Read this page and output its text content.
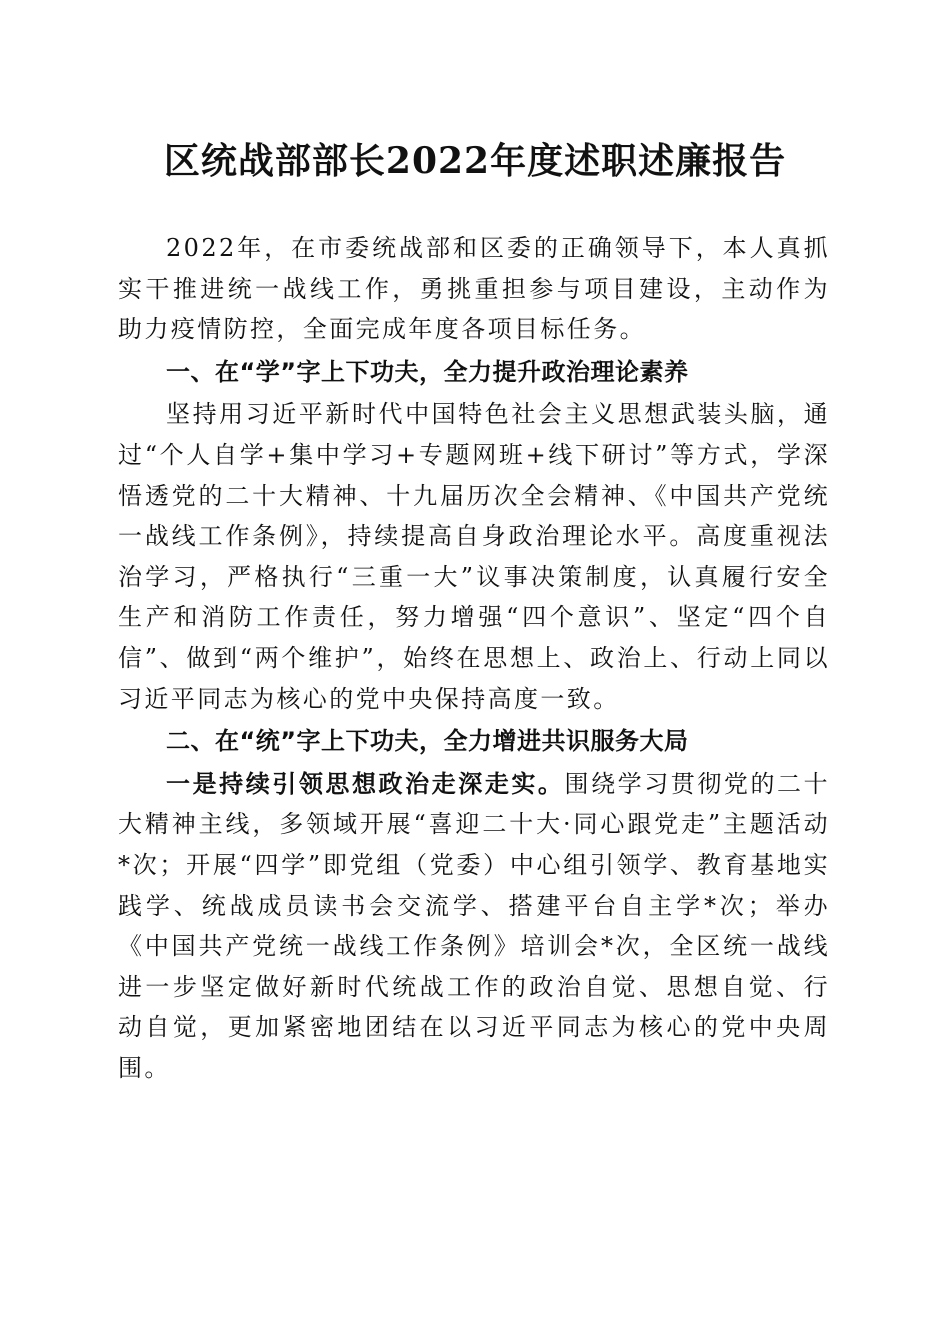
区统战部部长2022年度述职述廉报告

2022年，在市委统战部和区委的正确领导下，本人真抓实干推进统一战线工作，勇挑重担参与项目建设，主动作为助力疫情防控，全面完成年度各项目标任务。

一、在“学”字上下功夫，全力提升政治理论素养

坚持用习近平新时代中国特色社会主义思想武装头脑，通过“个人自学+集中学习+专题网班+线下研讨”等方式，学深悟透党的二十大精神、十九届历次全会精神、《中国共产党统一战线工作条例》，持续提高自身政治理论水平。高度重视法治学习，严格执行“三重一大”议事决策制度，认真履行安全生产和消防工作责任，努力增强“四个意识”、坚定“四个自信”、做到“两个维护”，始终在思想上、政治上、行动上同以习近平同志为核心的党中央保持高度一致。

二、在“统”字上下功夫，全力增进共识服务大局

一是持续引领思想政治走深走实。围绕学习贯彻党的二十大精神主线，多领域开展“喜迎二十大·同心跟党走”主题活动*次；开展“四学”即党组（党委）中心组引领学、教育基地实践学、统战成员读书会交流学、搭建平台自主学*次；举办《中国共产党统一战线工作条例》培训会*次，全区统一战线进一步坚定做好新时代统战工作的政治自觉、思想自觉、行动自觉，更加紧密地团结在以习近平同志为核心的党中央周围。
